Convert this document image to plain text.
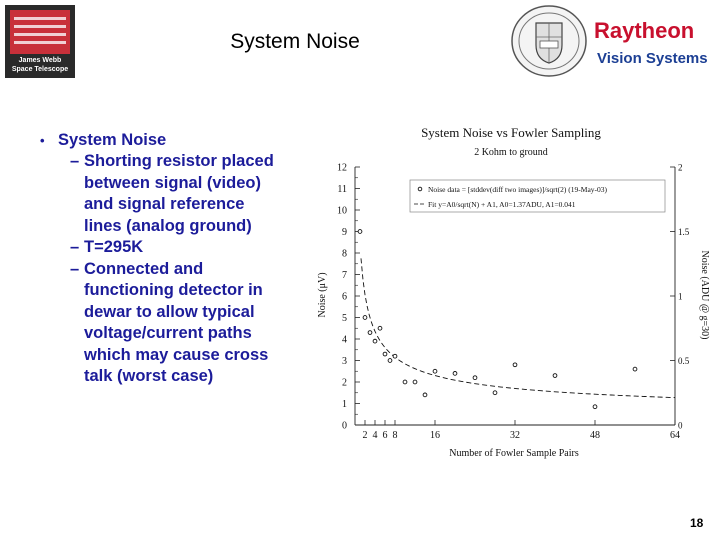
James Webb
Space Telescope
System Noise	Raytheon
Vision Systems
• System Noise
– Shorting resistor placed
between signal (video)
and signal reference
lines (analog ground)
– T=295K
– Connected and
functioning detector in
dewar to allow typical
voltage/current paths
which may cause cross
talk (worst case)
System Noise vs Fowler Sampling
2 Kohm to ground
Noise (μV)	Noise (ADU @ g=30)
Number of Fowler Sample Pairs
0
1
2
3
4
5
6
7
8
9
10
11
12
0
0.5
1
1.5
2
2 4 6 8	16	32	48	64
Noise data = [stddev(diff two images)]/sqrt(2) (19-May-03)
Fit y=A0/sqrt(N) + A1, A0=1.37ADU, A1=0.041
18
